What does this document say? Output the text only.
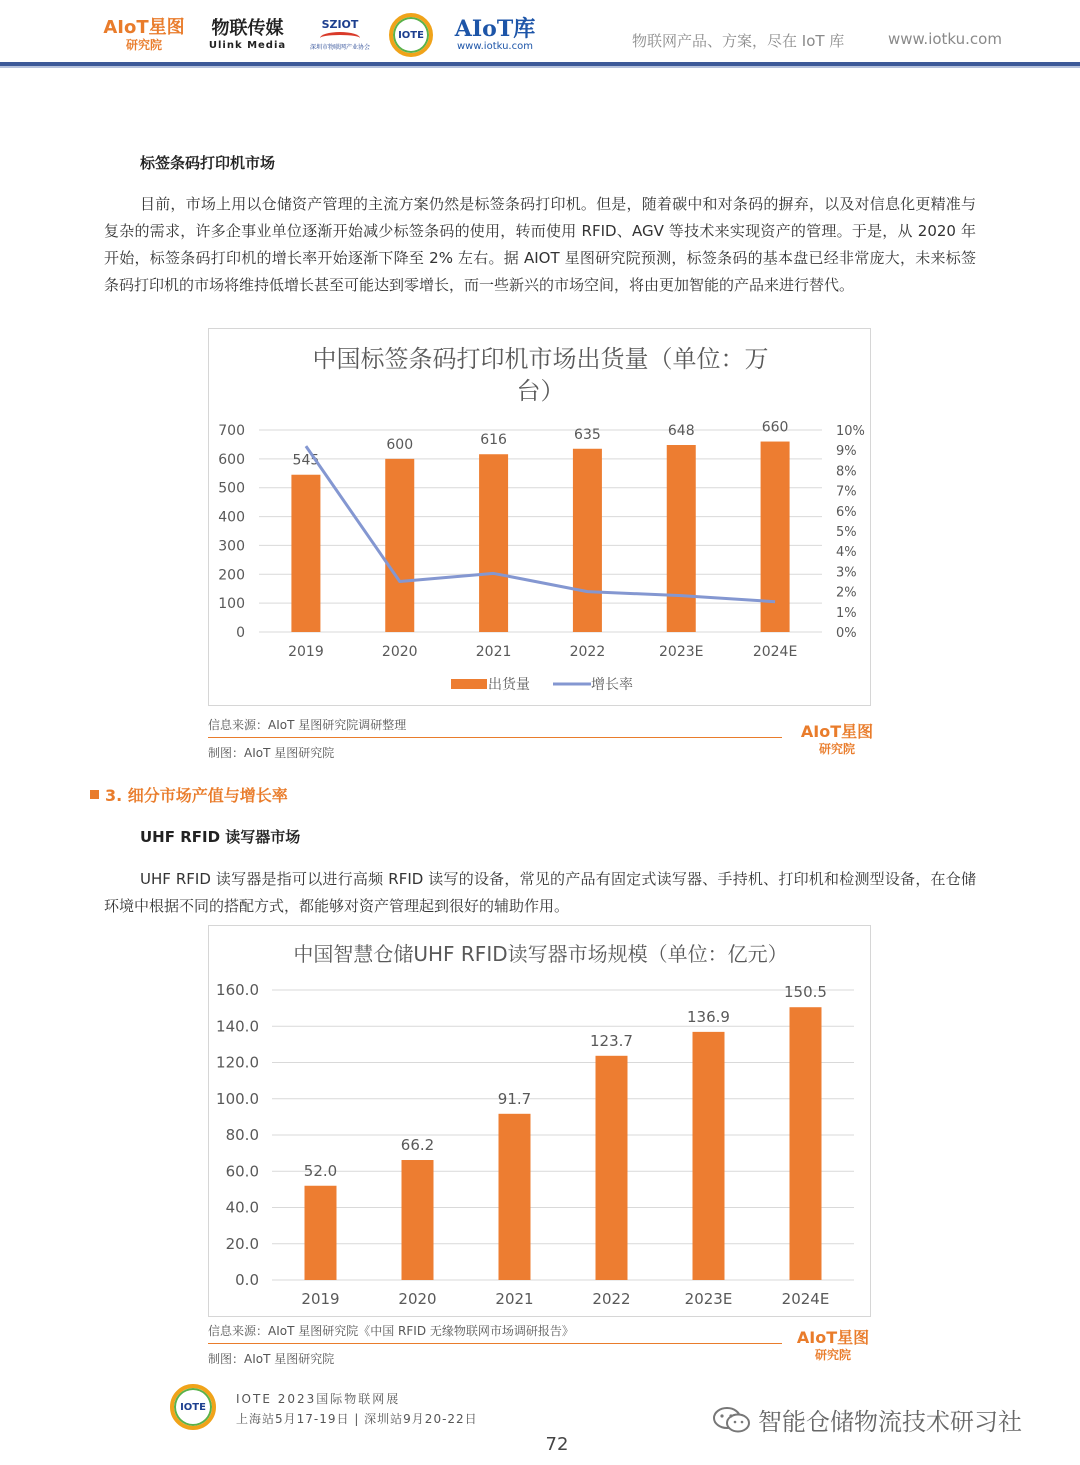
AIoT星图
研究院
物联传媒
Ulink Media
SZIOT
深圳市物联网产业协会
IOTE	AIoT库
www.iotku.com	物联网产品、方案，尽在 IoT 库	www.iotku.com
标签条码打印机市场

目前，市场上用以仓储资产管理的主流方案仍然是标签条码打印机。但是，随着碳中和对条码的摒弃，以及对信息化更精准与复杂的需求，许多企事业单位逐渐开始减少标签条码的使用，转而使用 RFID、AGV 等技术来实现资产的管理。于是，从 2020 年开始，标签条码打印机的增长率开始逐渐下降至 2% 左右。据 AIOT 星图研究院预测，标签条码的基本盘已经非常庞大，未来标签条码打印机的市场将维持低增长甚至可能达到零增长，而一些新兴的市场空间，将由更加智能的产品来进行替代。

中国标签条码打印机市场出货量（单位：万
台）
700
600
500
400
300
200
100
0
10%
9%
8%
7%
6%
5%
4%
3%
2%
1%
0%
545
2019
600
2020
616
2021
635
2022
648
2023E
660
2024E
出货量	增长率
信息来源：AIoT 星图研究院调研整理
制图：AIoT 星图研究院
AIoT星图
研究院
3. 细分市场产值与增长率
UHF RFID 读写器市场

UHF RFID 读写器是指可以进行高频 RFID 读写的设备，常见的产品有固定式读写器、手持机、打印机和检测型设备，在仓储环境中根据不同的搭配方式，都能够对资产管理起到很好的辅助作用。

中国智慧仓储UHF RFID读写器市场规模（单位：亿元）
160.0
140.0
120.0
100.0
80.0
60.0
40.0
20.0
0.0
52.0
2019
66.2
2020
91.7
2021
123.7
2022
136.9
2023E
150.5
2024E
信息来源：AIoT 星图研究院《中国 RFID 无缘物联网市场调研报告》
制图：AIoT 星图研究院
AIoT星图
研究院
IOTE
IOTE 2023国际物联网展
上海站5月17-19日 | 深圳站9月20-22日
72
智能仓储物流技术研习社
